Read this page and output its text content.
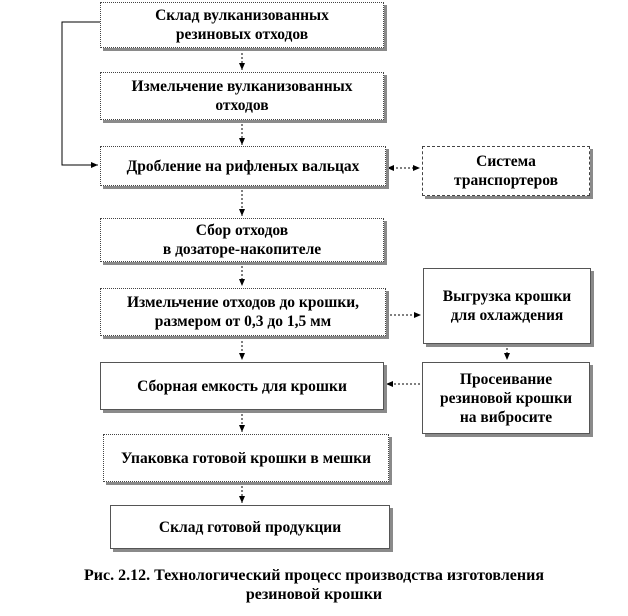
Склад вулканизованных
резиновых отходов
Измельчение вулканизованных
отходов
Дробление на рифленых вальцах	Система
транспортеров
Сбор отходов
в дозаторе-накопителе
Измельчение отходов до крошки,
размером от 0,3 до 1,5 мм
Выгрузка крошки
для охлаждения
Сборная емкость для крошки	Просеивание
резиновой крошки
на вибросите
Упаковка готовой крошки в мешки
Склад готовой продукции
Рис. 2.12. Технологический процесс производства изготовления
резиновой крошки
